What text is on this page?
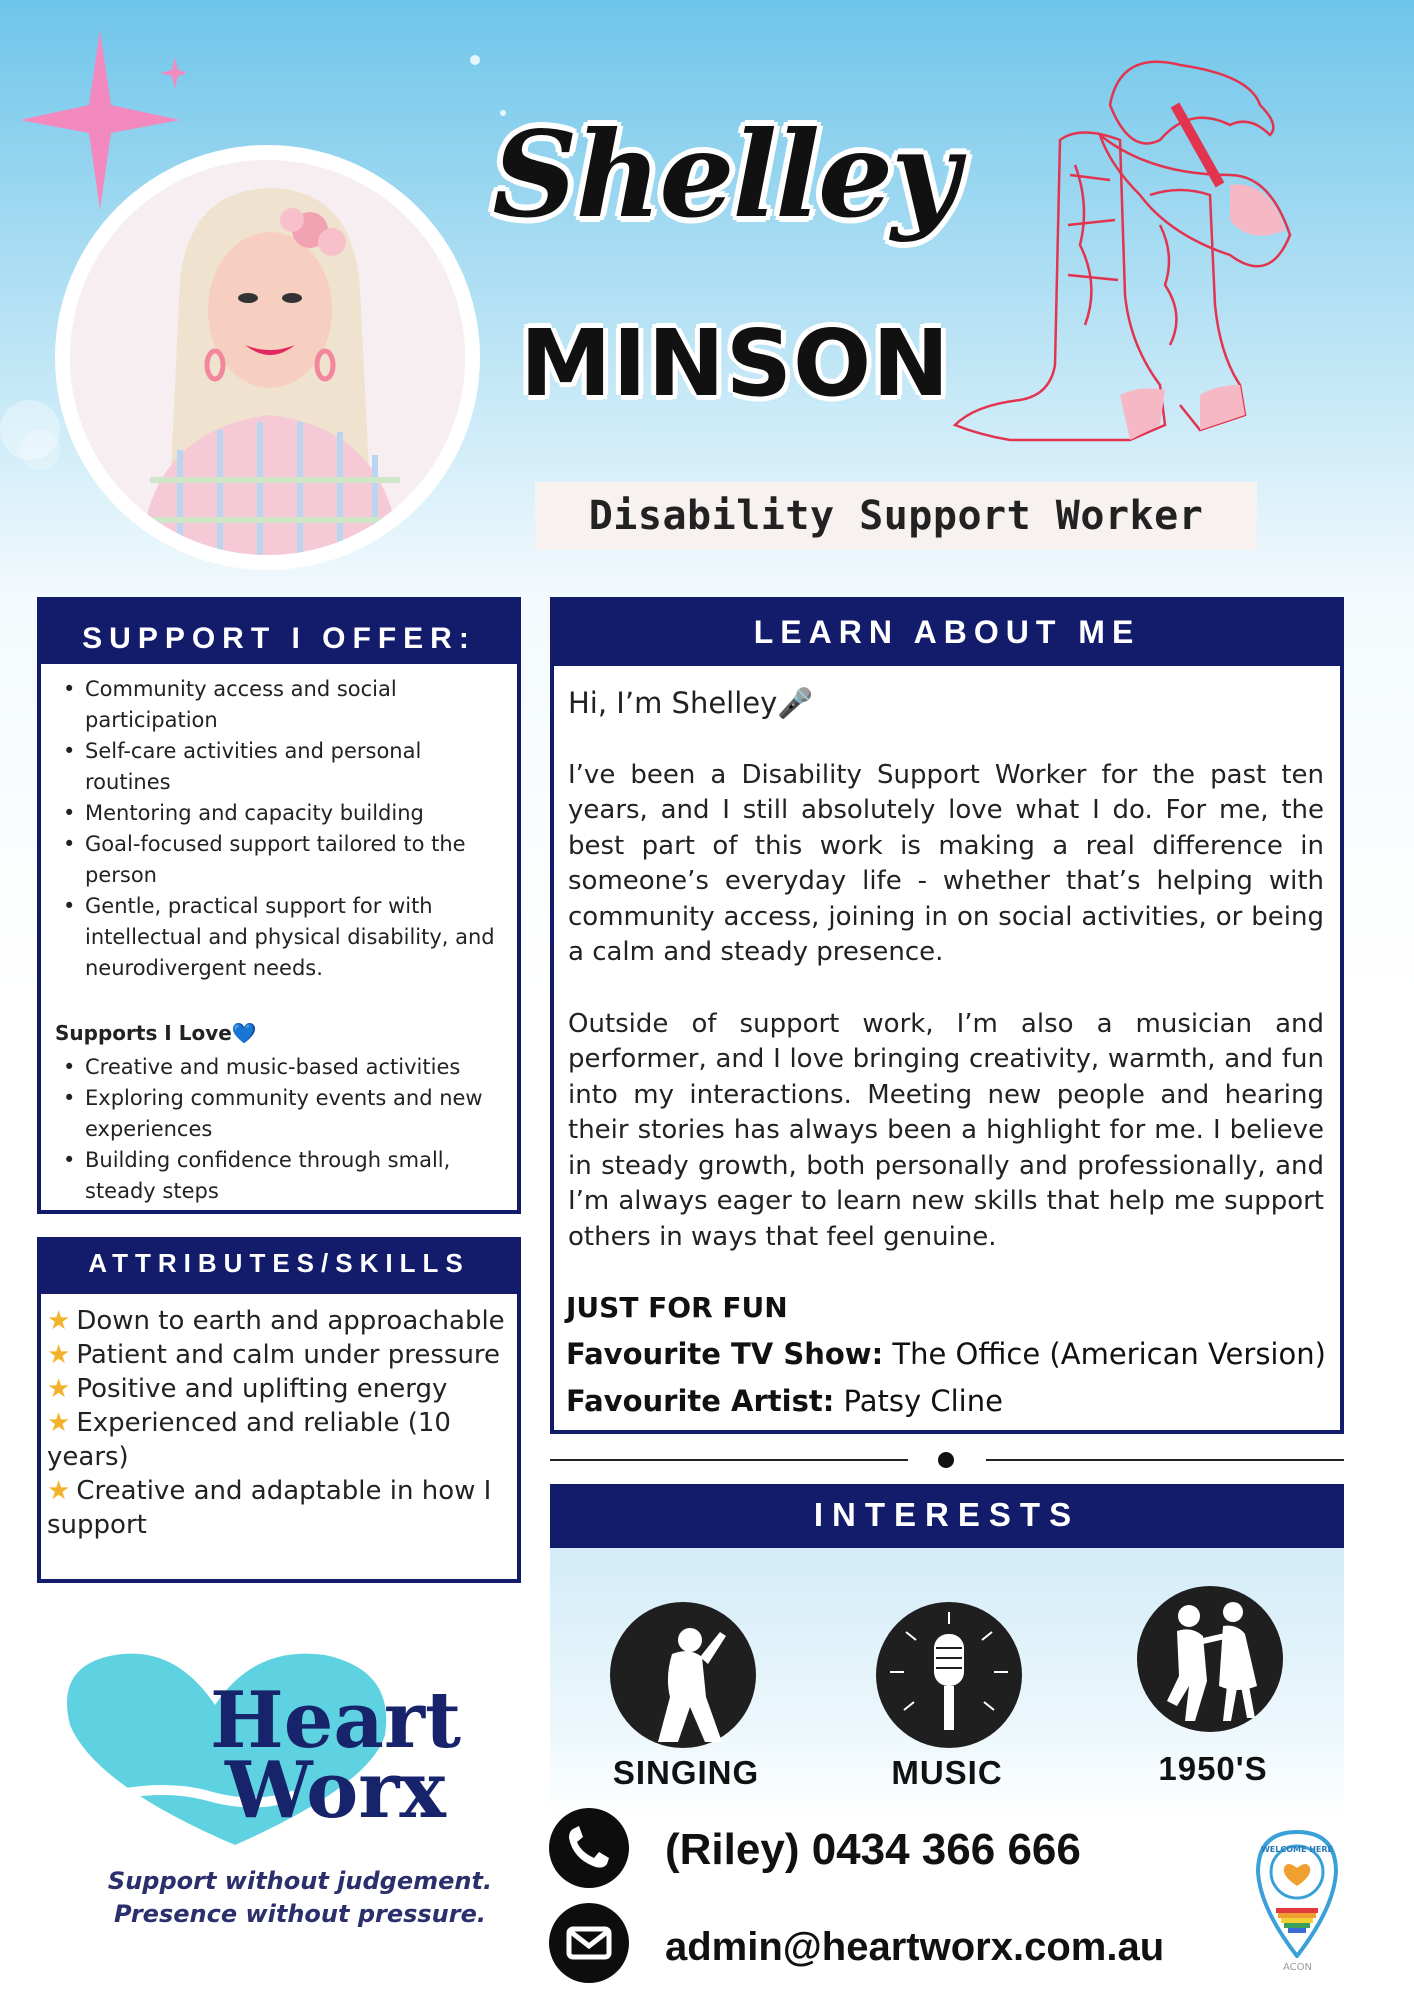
Shelley
MINSON
Disability Support Worker
SUPPORT I OFFER:
• Community access and social participation
• Self-care activities and personal routines
• Mentoring and capacity building
• Goal-focused support tailored to the person
• Gentle, practical support for with intellectual and physical disability, and neurodivergent needs.
Supports I Love💙
• Creative and music-based activities
• Exploring community events and new experiences
• Building confidence through small, steady steps
ATTRIBUTES/SKILLS
★ Down to earth and approachable
★ Patient and calm under pressure
★ Positive and uplifting energy
★ Experienced and reliable (10 years)
★ Creative and adaptable in how I support
LEARN ABOUT ME

Hi, I’m Shelley🎤

I’ve been a Disability Support Worker for the past ten years, and I still absolutely love what I do. For me, the best part of this work is making a real difference in someone’s everyday life - whether that’s helping with community access, joining in on social activities, or being a calm and steady presence.

Outside of support work, I’m also a musician and performer, and I love bringing creativity, warmth, and fun into my interactions. Meeting new people and hearing their stories has always been a highlight for me. I believe in steady growth, both personally and professionally, and I’m always eager to learn new skills that help me support others in ways that feel genuine.

JUST FOR FUN
Favourite TV Show: The Office (American Version)
Favourite Artist: Patsy Cline
INTERESTS
SINGING	MUSIC	1950'S
(Riley) 0434 366 666
admin@heartworx.com.au
Heart
Worx
Support without judgement.
Presence without pressure.
WELCOME HERE
ACON
